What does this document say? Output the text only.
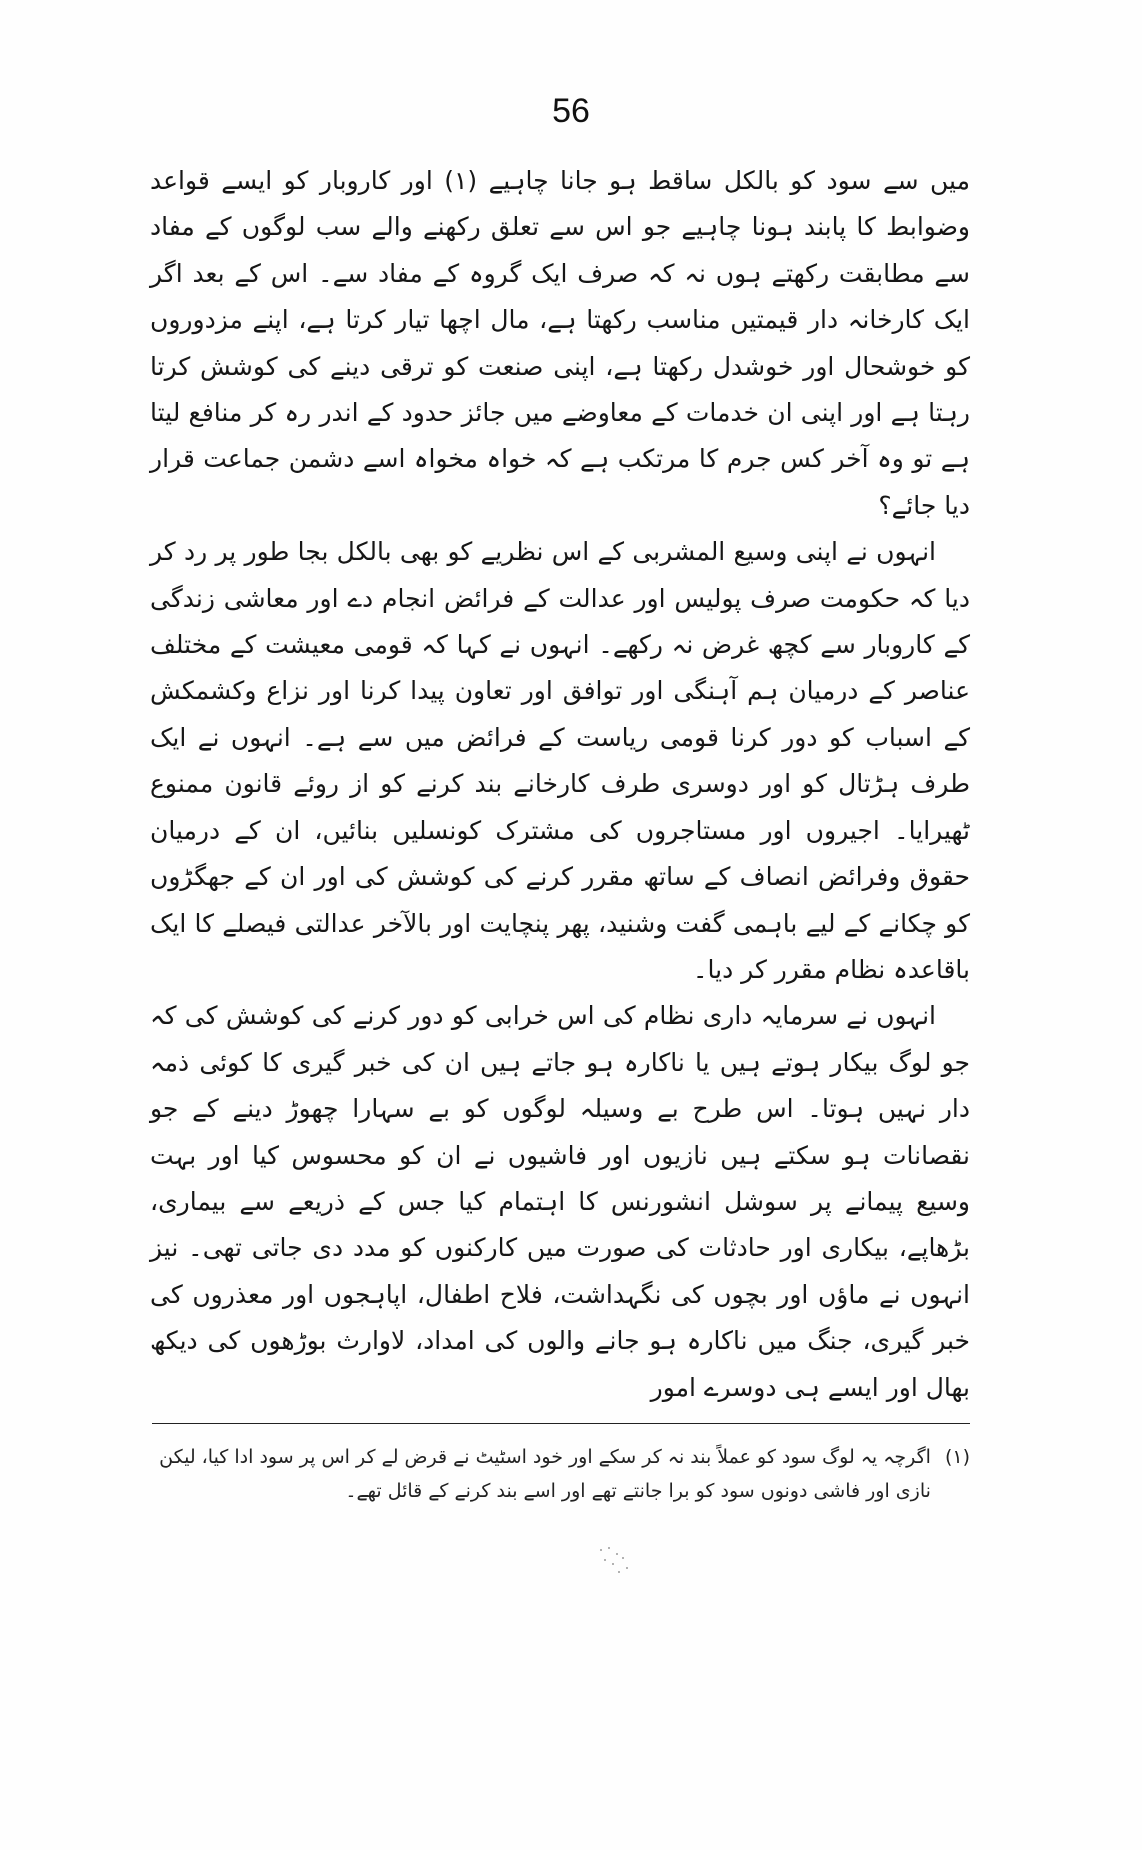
56

میں سے سود کو بالکل ساقط ہو جانا چاہیے (۱) اور کاروبار کو ایسے قواعد وضوابط کا پابند ہونا چاہیے جو اس سے تعلق رکھنے والے سب لوگوں کے مفاد سے مطابقت رکھتے ہوں نہ کہ صرف ایک گروہ کے مفاد سے۔ اس کے بعد اگر ایک کارخانہ دار قیمتیں مناسب رکھتا ہے، مال اچھا تیار کرتا ہے، اپنے مزدوروں کو خوشحال اور خوشدل رکھتا ہے، اپنی صنعت کو ترقی دینے کی کوشش کرتا رہتا ہے اور اپنی ان خدمات کے معاوضے میں جائز حدود کے اندر رہ کر منافع لیتا ہے تو وہ آخر کس جرم کا مرتکب ہے کہ خواہ مخواہ اسے دشمن جماعت قرار دیا جائے؟

انہوں نے اپنی وسیع المشربی کے اس نظریے کو بھی بالکل بجا طور پر رد کر دیا کہ حکومت صرف پولیس اور عدالت کے فرائض انجام دے اور معاشی زندگی کے کاروبار سے کچھ غرض نہ رکھے۔ انہوں نے کہا کہ قومی معیشت کے مختلف عناصر کے درمیان ہم آہنگی اور توافق اور تعاون پیدا کرنا اور نزاع وکشمکش کے اسباب کو دور کرنا قومی ریاست کے فرائض میں سے ہے۔ انہوں نے ایک طرف ہڑتال کو اور دوسری طرف کارخانے بند کرنے کو از روئے قانون ممنوع ٹھیرایا۔ اجیروں اور مستاجروں کی مشترک کونسلیں بنائیں، ان کے درمیان حقوق وفرائض انصاف کے ساتھ مقرر کرنے کی کوشش کی اور ان کے جھگڑوں کو چکانے کے لیے باہمی گفت وشنید، پھر پنچایت اور بالآخر عدالتی فیصلے کا ایک باقاعدہ نظام مقرر کر دیا۔

انہوں نے سرمایہ داری نظام کی اس خرابی کو دور کرنے کی کوشش کی کہ جو لوگ بیکار ہوتے ہیں یا ناکارہ ہو جاتے ہیں ان کی خبر گیری کا کوئی ذمہ دار نہیں ہوتا۔ اس طرح بے وسیلہ لوگوں کو بے سہارا چھوڑ دینے کے جو نقصانات ہو سکتے ہیں نازیوں اور فاشیوں نے ان کو محسوس کیا اور بہت وسیع پیمانے پر سوشل انشورنس کا اہتمام کیا جس کے ذریعے سے بیماری، بڑھاپے، بیکاری اور حادثات کی صورت میں کارکنوں کو مدد دی جاتی تھی۔ نیز انہوں نے ماؤں اور بچوں کی نگہداشت، فلاح اطفال، اپاہجوں اور معذروں کی خبر گیری، جنگ میں ناکارہ ہو جانے والوں کی امداد، لاوارث بوڑھوں کی دیکھ بھال اور ایسے ہی دوسرے امور

(۱)
اگرچہ یہ لوگ سود کو عملاً بند نہ کر سکے اور خود اسٹیٹ نے قرض لے کر اس پر سود ادا کیا، لیکن نازی اور فاشی دونوں سود کو برا جانتے تھے اور اسے بند کرنے کے قائل تھے۔
